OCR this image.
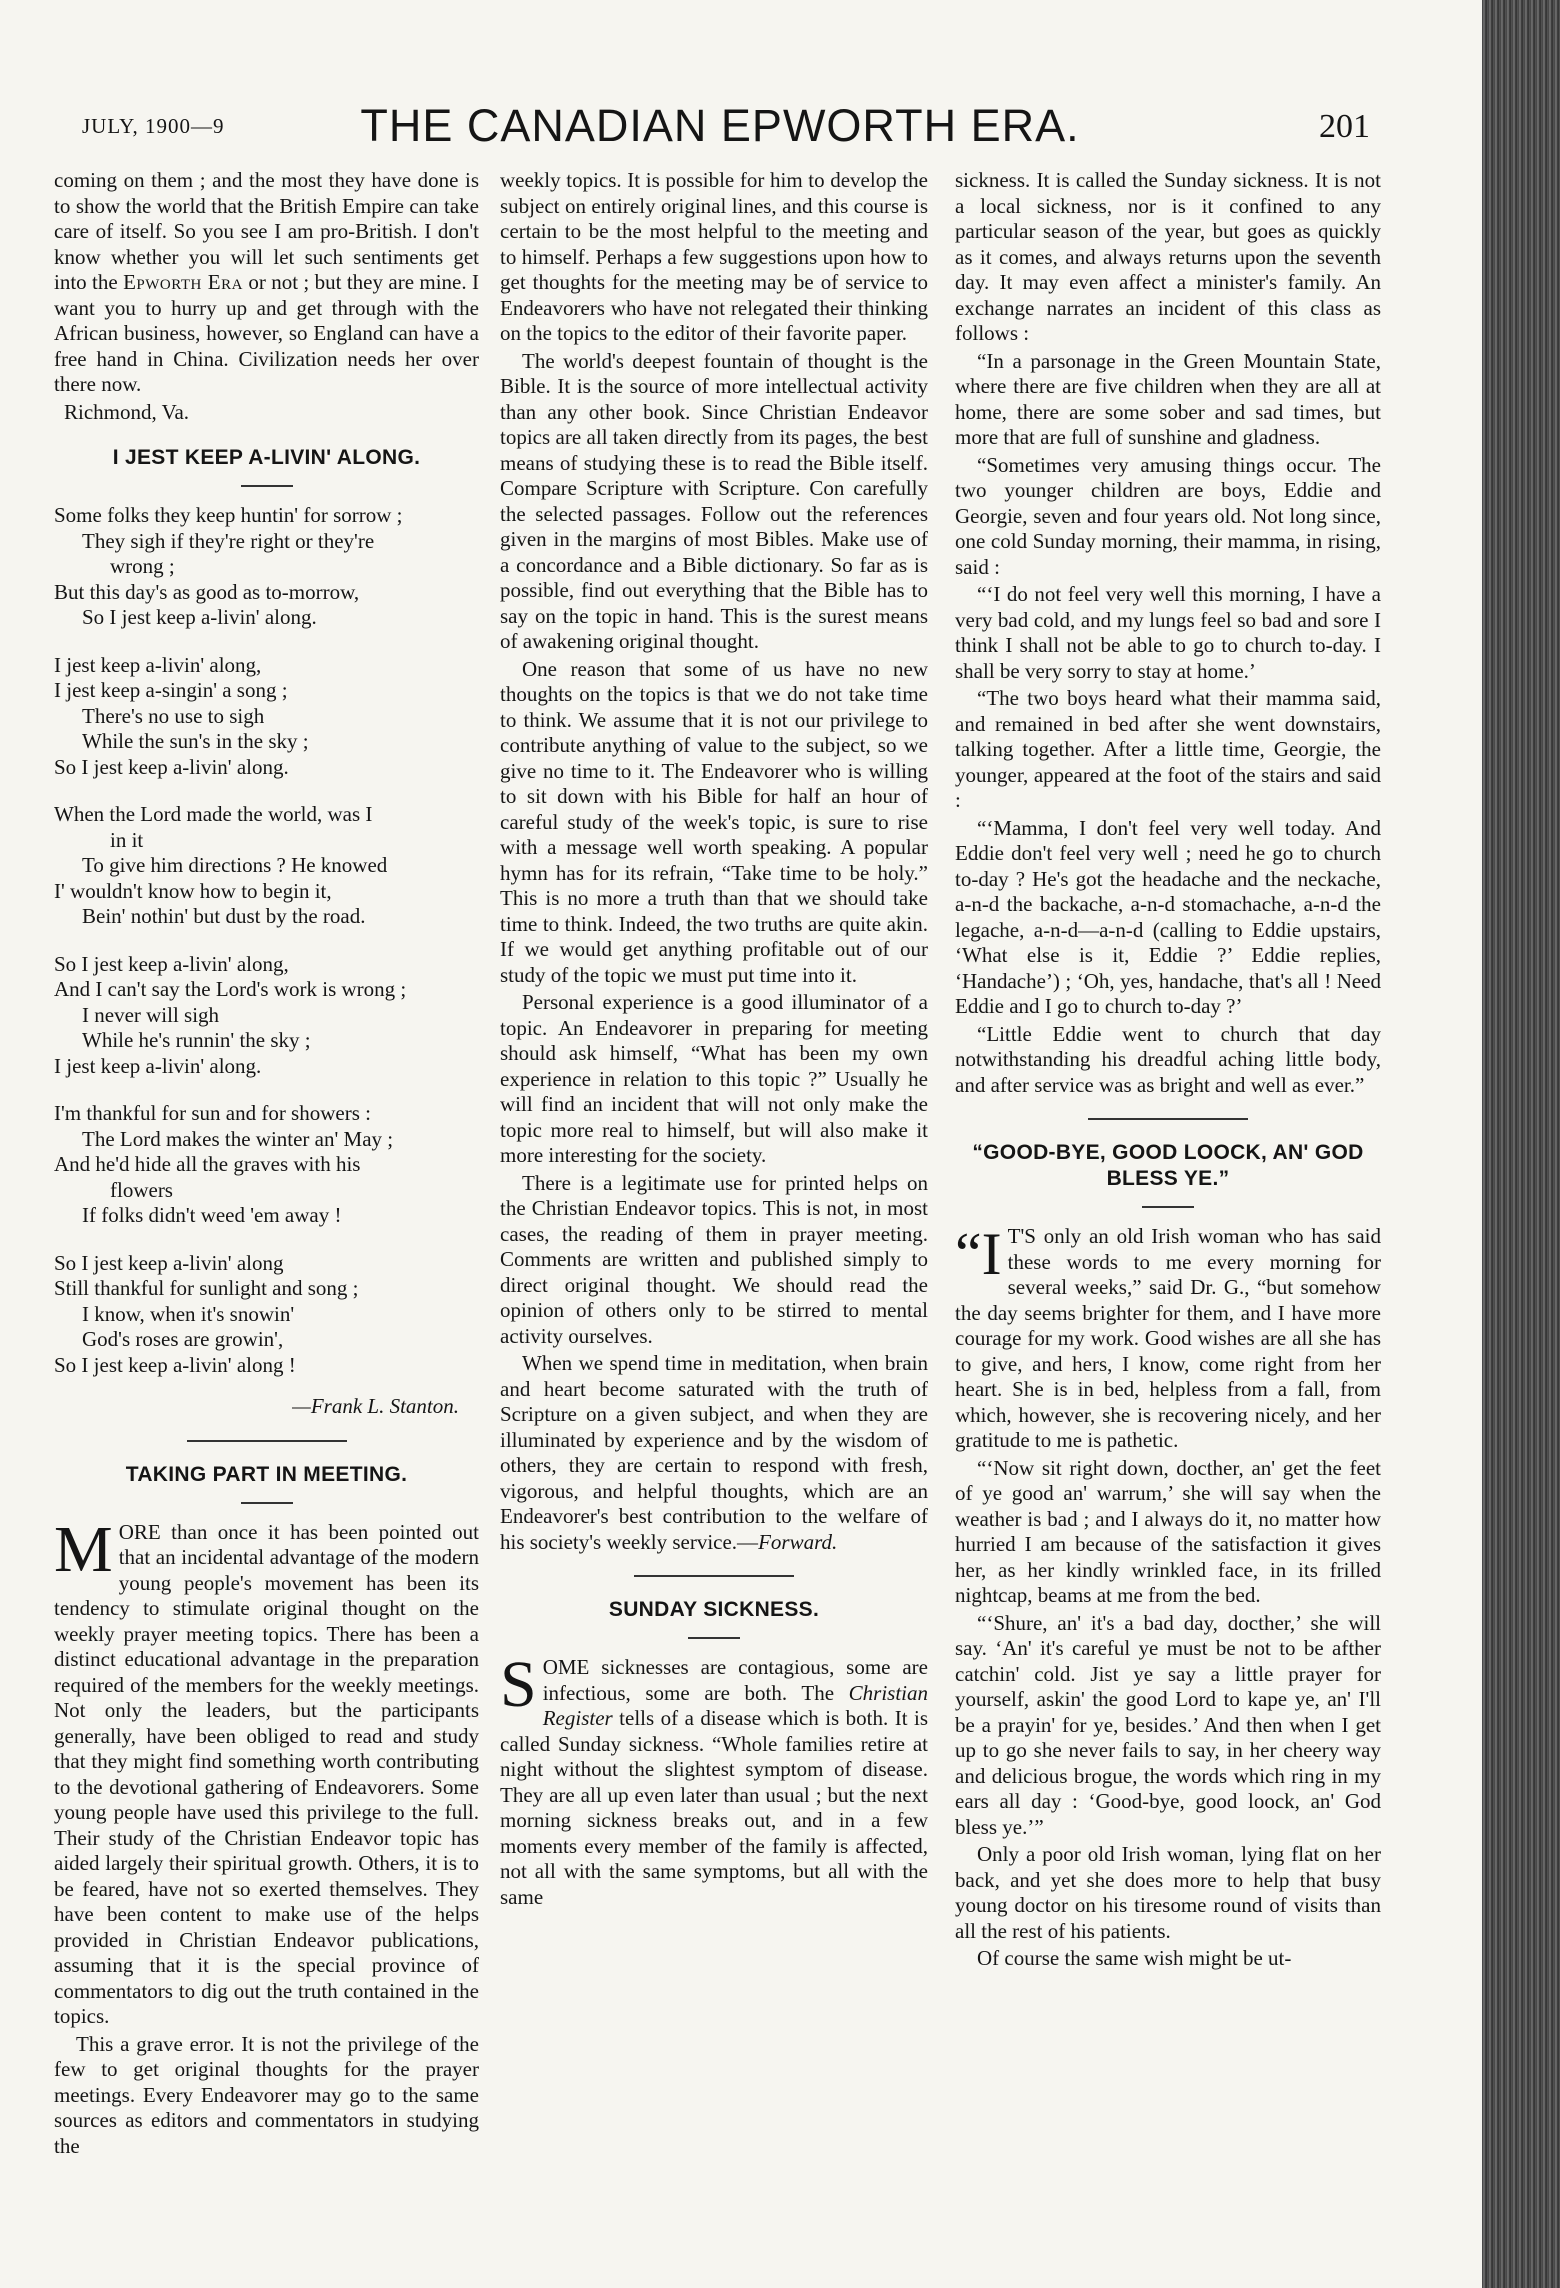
JULY, 1900—9	THE CANADIAN EPWORTH ERA.	201

coming on them ; and the most they have done is to show the world that the British Empire can take care of itself. So you see I am pro-British. I don't know whether you will let such sentiments get into the Epworth Era or not ; but they are mine. I want you to hurry up and get through with the African business, however, so England can have a free hand in China. Civilization needs her over there now.

Richmond, Va.

I JEST KEEP A-LIVIN' ALONG.
Some folks they keep huntin' for sorrow ;
They sigh if they're right or they're
wrong ;
But this day's as good as to-morrow,
So I jest keep a-livin' along.
I jest keep a-livin' along,
I jest keep a-singin' a song ;
There's no use to sigh
While the sun's in the sky ;
So I jest keep a-livin' along.
When the Lord made the world, was I
in it
To give him directions ? He knowed
I' wouldn't know how to begin it,
Bein' nothin' but dust by the road.
So I jest keep a-livin' along,
And I can't say the Lord's work is wrong ;
I never will sigh
While he's runnin' the sky ;
I jest keep a-livin' along.
I'm thankful for sun and for showers :
The Lord makes the winter an' May ;
And he'd hide all the graves with his
flowers
If folks didn't weed 'em away !
So I jest keep a-livin' along
Still thankful for sunlight and song ;
I know, when it's snowin'
God's roses are growin',
So I jest keep a-livin' along !
—Frank L. Stanton.
TAKING PART IN MEETING.

MORE than once it has been pointed out that an incidental advantage of the modern young people's movement has been its tendency to stimulate original thought on the weekly prayer meeting topics. There has been a distinct educational advantage in the preparation required of the members for the weekly meetings. Not only the leaders, but the participants generally, have been obliged to read and study that they might find something worth contributing to the devotional gathering of Endeavorers. Some young people have used this privilege to the full. Their study of the Christian Endeavor topic has aided largely their spiritual growth. Others, it is to be feared, have not so exerted themselves. They have been content to make use of the helps provided in Christian Endeavor publications, assuming that it is the special province of commentators to dig out the truth contained in the topics.

This a grave error. It is not the privilege of the few to get original thoughts for the prayer meetings. Every Endeavorer may go to the same sources as editors and commentators in studying the

weekly topics. It is possible for him to develop the subject on entirely original lines, and this course is certain to be the most helpful to the meeting and to himself. Perhaps a few suggestions upon how to get thoughts for the meeting may be of service to Endeavorers who have not relegated their thinking on the topics to the editor of their favorite paper.

The world's deepest fountain of thought is the Bible. It is the source of more intellectual activity than any other book. Since Christian Endeavor topics are all taken directly from its pages, the best means of studying these is to read the Bible itself. Compare Scripture with Scripture. Con carefully the selected passages. Follow out the references given in the margins of most Bibles. Make use of a concordance and a Bible dictionary. So far as is possible, find out everything that the Bible has to say on the topic in hand. This is the surest means of awakening original thought.

One reason that some of us have no new thoughts on the topics is that we do not take time to think. We assume that it is not our privilege to contribute anything of value to the subject, so we give no time to it. The Endeavorer who is willing to sit down with his Bible for half an hour of careful study of the week's topic, is sure to rise with a message well worth speaking. A popular hymn has for its refrain, “Take time to be holy.” This is no more a truth than that we should take time to think. Indeed, the two truths are quite akin. If we would get anything profitable out of our study of the topic we must put time into it.

Personal experience is a good illuminator of a topic. An Endeavorer in preparing for meeting should ask himself, “What has been my own experience in relation to this topic ?” Usually he will find an incident that will not only make the topic more real to himself, but will also make it more interesting for the society.

There is a legitimate use for printed helps on the Christian Endeavor topics. This is not, in most cases, the reading of them in prayer meeting. Comments are written and published simply to direct original thought. We should read the opinion of others only to be stirred to mental activity ourselves.

When we spend time in meditation, when brain and heart become saturated with the truth of Scripture on a given subject, and when they are illuminated by experience and by the wisdom of others, they are certain to respond with fresh, vigorous, and helpful thoughts, which are an Endeavorer's best contribution to the welfare of his society's weekly service.—Forward.

SUNDAY SICKNESS.

SOME sicknesses are contagious, some are infectious, some are both. The Christian Register tells of a disease which is both. It is called Sunday sickness. “Whole families retire at night without the slightest symptom of disease. They are all up even later than usual ; but the next morning sickness breaks out, and in a few moments every member of the family is affected, not all with the same symptoms, but all with the same

sickness. It is called the Sunday sickness. It is not a local sickness, nor is it confined to any particular season of the year, but goes as quickly as it comes, and always returns upon the seventh day. It may even affect a minister's family. An exchange narrates an incident of this class as follows :

“In a parsonage in the Green Mountain State, where there are five children when they are all at home, there are some sober and sad times, but more that are full of sunshine and gladness.

“Sometimes very amusing things occur. The two younger children are boys, Eddie and Georgie, seven and four years old. Not long since, one cold Sunday morning, their mamma, in rising, said :

“‘I do not feel very well this morning, I have a very bad cold, and my lungs feel so bad and sore I think I shall not be able to go to church to-day. I shall be very sorry to stay at home.’

“The two boys heard what their mamma said, and remained in bed after she went downstairs, talking together. After a little time, Georgie, the younger, appeared at the foot of the stairs and said :

“‘Mamma, I don't feel very well today. And Eddie don't feel very well ; need he go to church to-day ? He's got the headache and the neckache, a-n-d the backache, a-n-d stomachache, a-n-d the legache, a-n-d—a-n-d (calling to Eddie upstairs, ‘What else is it, Eddie ?’ Eddie replies, ‘Handache’) ; ‘Oh, yes, handache, that's all ! Need Eddie and I go to church to-day ?’

“Little Eddie went to church that day notwithstanding his dreadful aching little body, and after service was as bright and well as ever.”

“GOOD-BYE, GOOD LOOCK, AN' GOD BLESS YE.”

“I T'S only an old Irish woman who has said these words to me every morning for several weeks,” said Dr. G., “but somehow the day seems brighter for them, and I have more courage for my work. Good wishes are all she has to give, and hers, I know, come right from her heart. She is in bed, helpless from a fall, from which, however, she is recovering nicely, and her gratitude to me is pathetic.

“‘Now sit right down, docther, an' get the feet of ye good an' warrum,’ she will say when the weather is bad ; and I always do it, no matter how hurried I am because of the satisfaction it gives her, as her kindly wrinkled face, in its frilled nightcap, beams at me from the bed.

“‘Shure, an' it's a bad day, docther,’ she will say. ‘An' it's careful ye must be not to be afther catchin' cold. Jist ye say a little prayer for yourself, askin' the good Lord to kape ye, an' I'll be a prayin' for ye, besides.’ And then when I get up to go she never fails to say, in her cheery way and delicious brogue, the words which ring in my ears all day : ‘Good-bye, good loock, an' God bless ye.’”

Only a poor old Irish woman, lying flat on her back, and yet she does more to help that busy young doctor on his tiresome round of visits than all the rest of his patients.

Of course the same wish might be ut-
